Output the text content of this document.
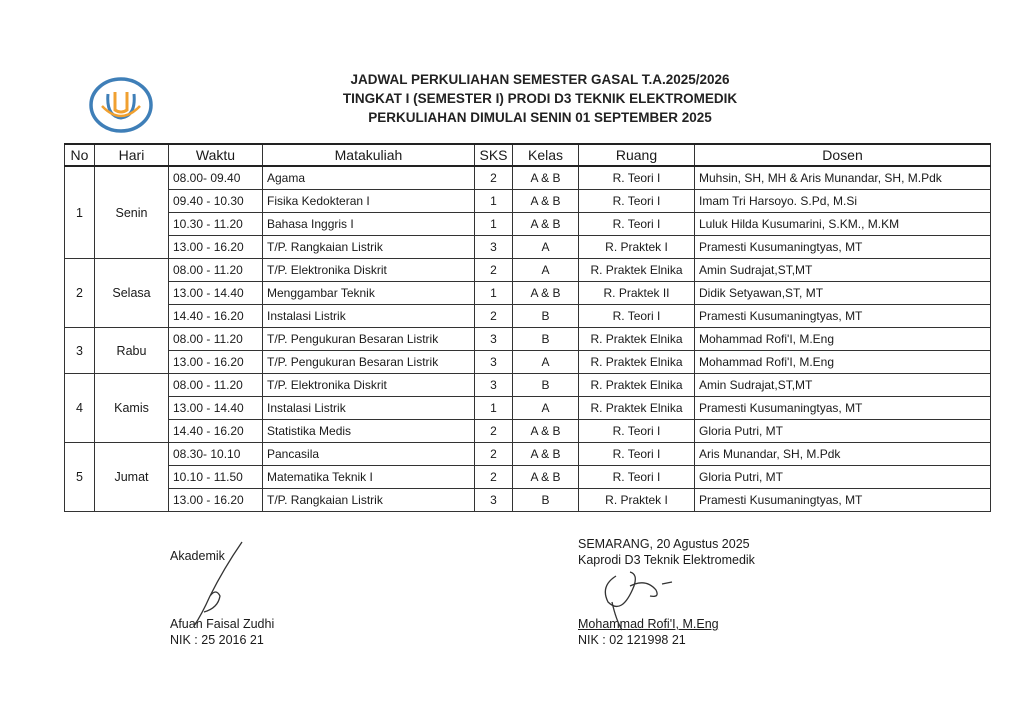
JADWAL PERKULIAHAN SEMESTER GASAL T.A.2025/2026
TINGKAT I (SEMESTER I) PRODI D3 TEKNIK ELEKTROMEDIK
PERKULIAHAN DIMULAI SENIN 01 SEPTEMBER 2025
No	Hari	Waktu	Matakuliah	SKS	Kelas	Ruang	Dosen
1	Senin	08.00- 09.40	Agama	2	A & B	R. Teori I	Muhsin, SH, MH & Aris Munandar, SH, M.Pdk
		09.40 - 10.30	Fisika Kedokteran I	1	A & B	R. Teori I	Imam Tri Harsoyo. S.Pd, M.Si
		10.30 - 11.20	Bahasa Inggris I	1	A & B	R. Teori I	Luluk Hilda Kusumarini, S.KM., M.KM
		13.00 - 16.20	T/P. Rangkaian Listrik	3	A	R. Praktek I	Pramesti Kusumaningtyas, MT
2	Selasa	08.00 - 11.20	T/P. Elektronika Diskrit	2	A	R. Praktek Elnika	Amin Sudrajat,ST,MT
		13.00 - 14.40	Menggambar Teknik	1	A & B	R. Praktek II	Didik Setyawan,ST, MT
		14.40 - 16.20	Instalasi Listrik	2	B	R. Teori I	Pramesti Kusumaningtyas, MT
3	Rabu	08.00 - 11.20	T/P. Pengukuran Besaran Listrik	3	B	R. Praktek Elnika	Mohammad Rofi'I, M.Eng
		13.00 - 16.20	T/P. Pengukuran Besaran Listrik	3	A	R. Praktek Elnika	Mohammad Rofi'I, M.Eng
4	Kamis	08.00 - 11.20	T/P. Elektronika Diskrit	3	B	R. Praktek Elnika	Amin Sudrajat,ST,MT
		13.00 - 14.40	Instalasi Listrik	1	A	R. Praktek Elnika	Pramesti Kusumaningtyas, MT
		14.40 - 16.20	Statistika Medis	2	A & B	R. Teori I	Gloria Putri, MT
5	Jumat	08.30- 10.10	Pancasila	2	A & B	R. Teori I	Aris Munandar, SH, M.Pdk
		10.10 - 11.50	Matematika Teknik I	2	A & B	R. Teori I	Gloria Putri, MT
		13.00 - 16.20	T/P. Rangkaian Listrik	3	B	R. Praktek I	Pramesti Kusumaningtyas, MT
Akademik
Afuan Faisal Zudhi
NIK : 25 2016 21
SEMARANG, 20 Agustus 2025
Kaprodi D3 Teknik Elektromedik
Mohammad Rofi'I, M.Eng
NIK : 02 121998 21
